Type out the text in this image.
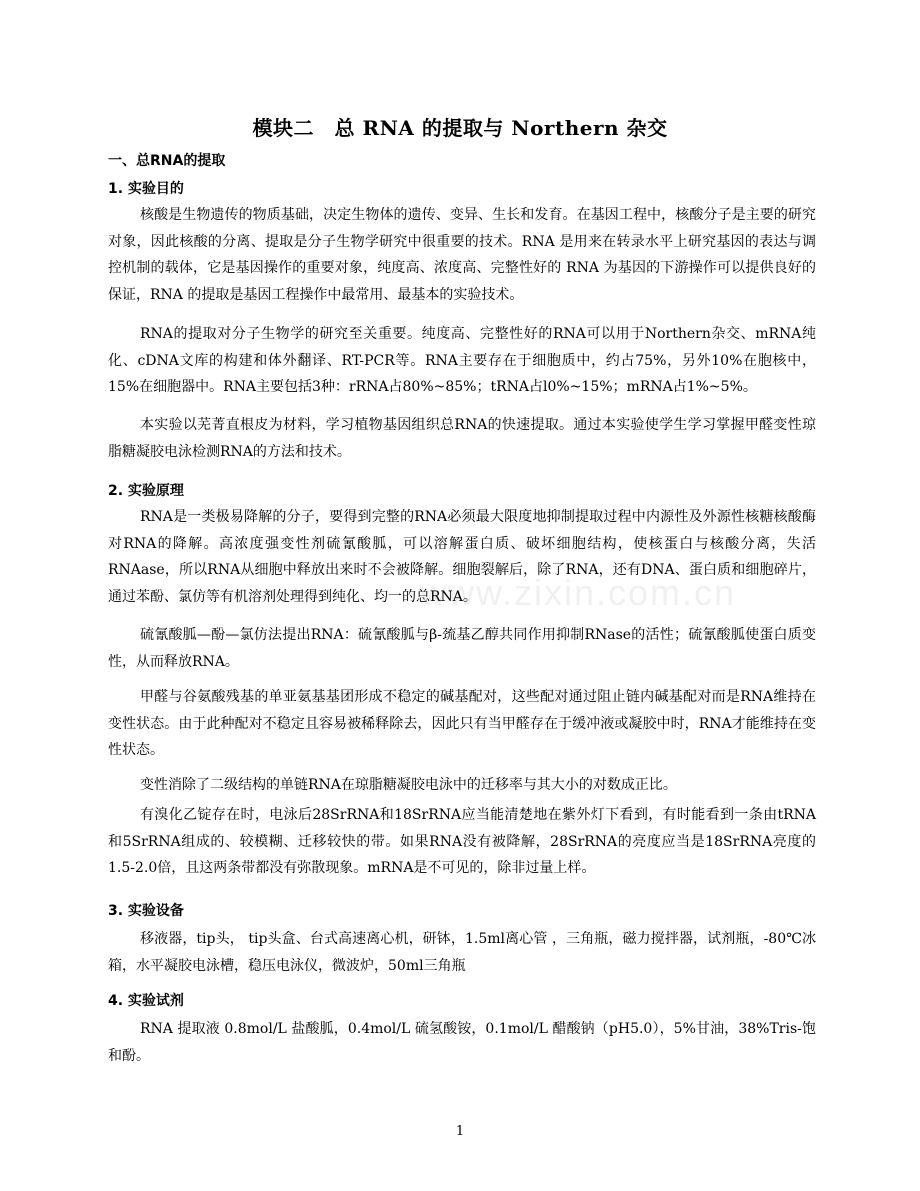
模块二　总 RNA 的提取与 Northern 杂交
一、总RNA的提取
1. 实验目的
核酸是生物遗传的物质基础，决定生物体的遗传、变异、生长和发育。在基因工程中，核酸分子是主要的研究对象，因此核酸的分离、提取是分子生物学研究中很重要的技术。RNA 是用来在转录水平上研究基因的表达与调控机制的载体，它是基因操作的重要对象，纯度高、浓度高、完整性好的 RNA 为基因的下游操作可以提供良好的保证，RNA 的提取是基因工程操作中最常用、最基本的实验技术。
RNA的提取对分子生物学的研究至关重要。纯度高、完整性好的RNA可以用于Northern杂交、mRNA纯化、cDNA文库的构建和体外翻译、RT-PCR等。RNA主要存在于细胞质中，约占75%，另外10%在胞核中，15%在细胞器中。RNA主要包括3种：rRNA占80%~85%；tRNA占l0%~15%；mRNA占1%~5%。
本实验以芜菁直根皮为材料，学习植物基因组织总RNA的快速提取。通过本实验使学生学习掌握甲醛变性琼脂糖凝胶电泳检测RNA的方法和技术。
2. 实验原理
RNA是一类极易降解的分子，要得到完整的RNA必须最大限度地抑制提取过程中内源性及外源性核糖核酸酶对RNA的降解。高浓度强变性剂硫氰酸胍，可以溶解蛋白质、破坏细胞结构，使核蛋白与核酸分离，失活RNAase，所以RNA从细胞中释放出来时不会被降解。细胞裂解后，除了RNA，还有DNA、蛋白质和细胞碎片，通过苯酚、氯仿等有机溶剂处理得到纯化、均一的总RNA。
硫氰酸胍—酚—氯仿法提出RNA：硫氰酸胍与β-巯基乙醇共同作用抑制RNase的活性；硫氰酸胍使蛋白质变性，从而释放RNA。
甲醛与谷氨酸残基的单亚氨基基团形成不稳定的碱基配对，这些配对通过阻止链内碱基配对而是RNA维持在变性状态。由于此种配对不稳定且容易被稀释除去，因此只有当甲醛存在于缓冲液或凝胶中时，RNA才能维持在变性状态。
变性消除了二级结构的单链RNA在琼脂糖凝胶电泳中的迁移率与其大小的对数成正比。
有溴化乙锭存在时，电泳后28SrRNA和18SrRNA应当能清楚地在紫外灯下看到，有时能看到一条由tRNA和5SrRNA组成的、较模糊、迁移较快的带。如果RNA没有被降解，28SrRNA的亮度应当是18SrRNA亮度的1.5-2.0倍，且这两条带都没有弥散现象。mRNA是不可见的，除非过量上样。
3. 实验设备
移液器，tip头， tip头盒、台式高速离心机，研钵，1.5ml离心管 ，三角瓶，磁力搅拌器，试剂瓶，-80℃冰箱，水平凝胶电泳槽，稳压电泳仪，微波炉，50ml三角瓶
4. 实验试剂
RNA 提取液 0.8mol/L 盐酸胍，0.4mol/L 硫氢酸铵，0.1mol/L 醋酸钠（pH5.0），5%甘油，38%Tris-饱和酚。
www.zixin.com.cn
1
